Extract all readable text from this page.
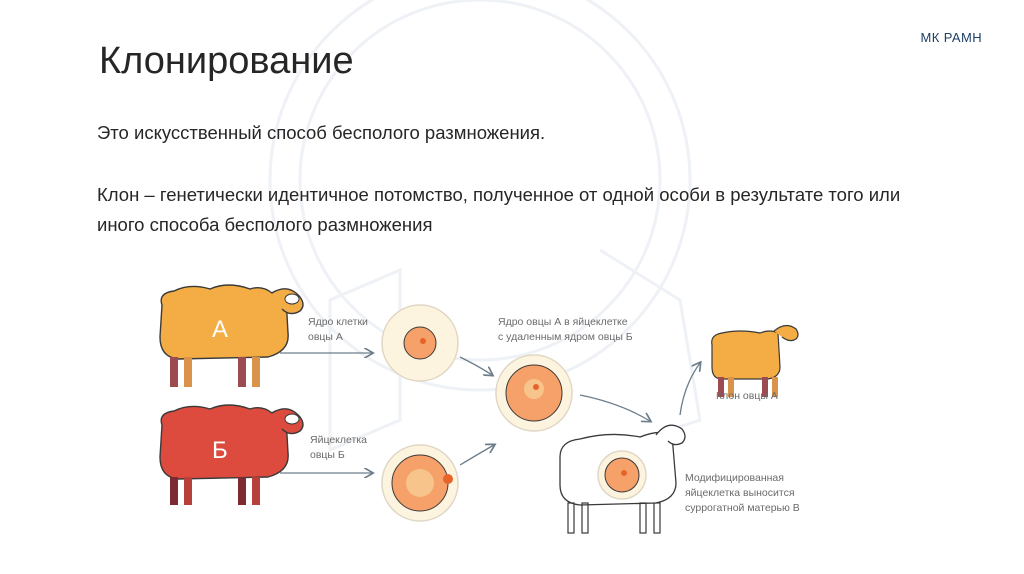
МК РАМН
Клонирование
Это искусственный способ бесполого размножения.
Клон – генетически идентичное потомство, полученное от одной особи в результате того или иного способа бесполого размножения
А
Б
Ядро клетки
овцы А
Яйцеклетка
овцы Б
Ядро овцы А в яйцеклетке
с удаленным ядром овцы Б
Клон овцы А
Модифицированная
яйцеклетка выносится
суррогатной матерью В
